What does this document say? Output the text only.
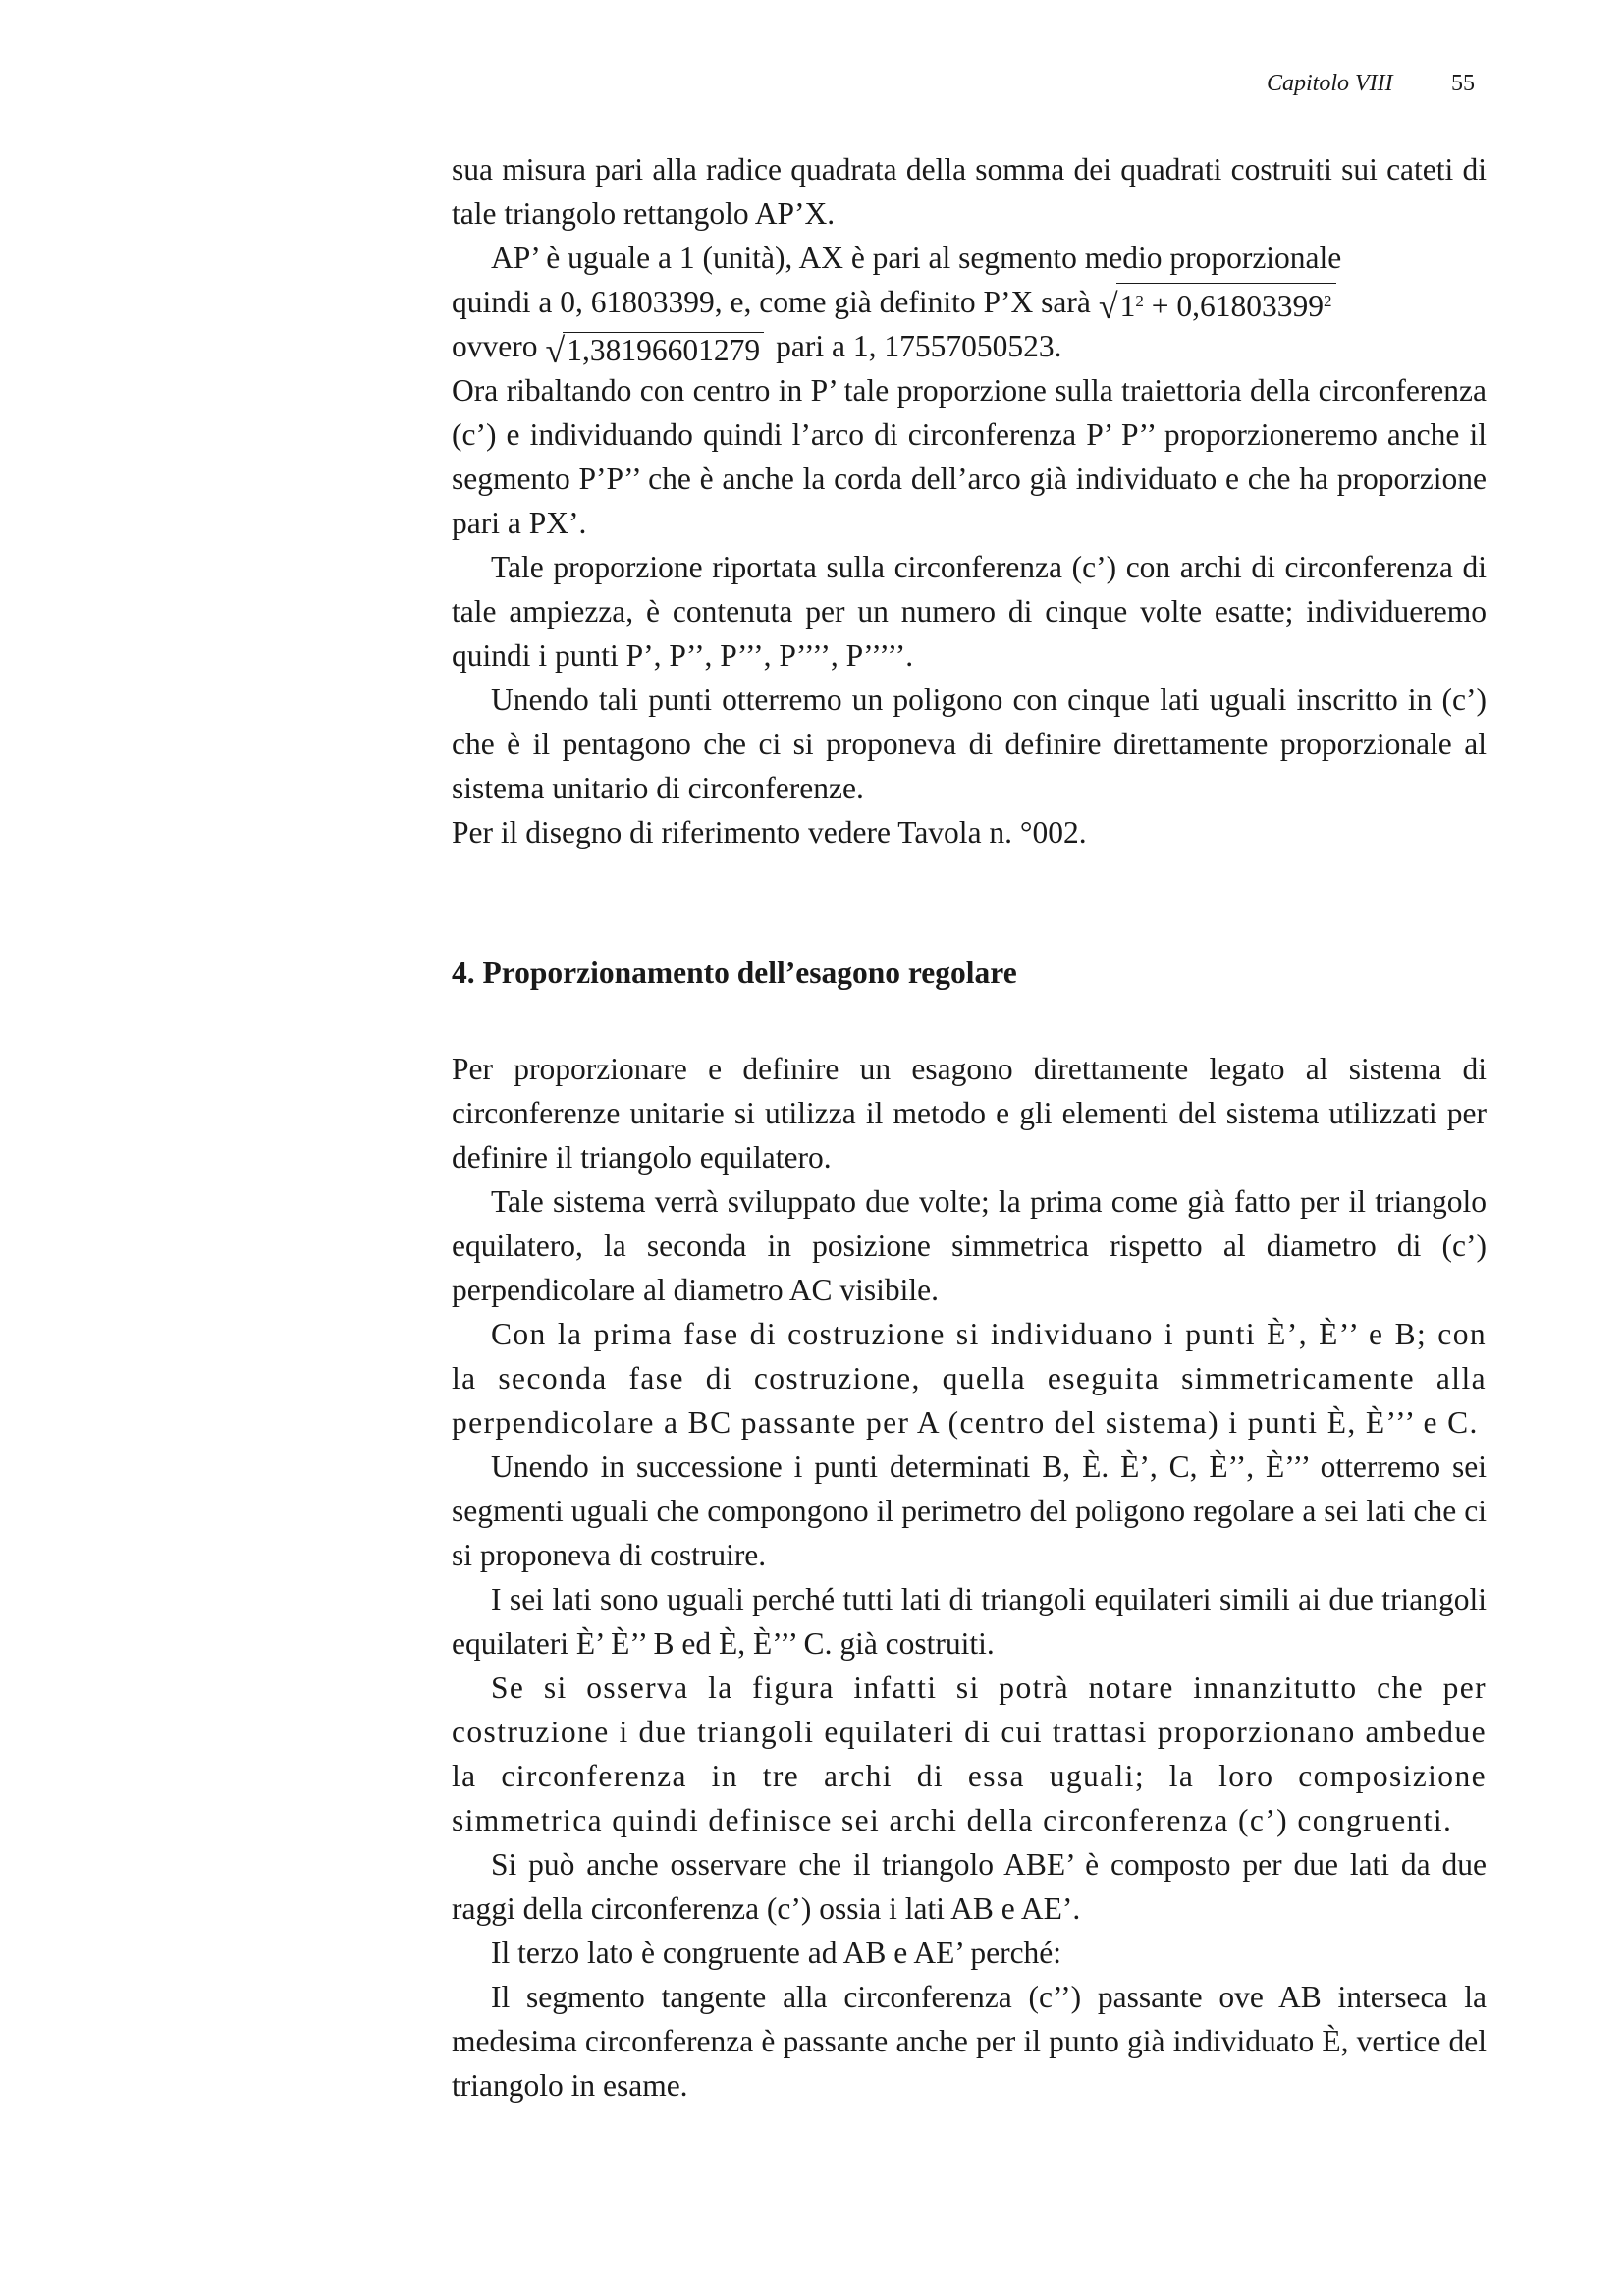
Capitolo VIII 55

sua misura pari alla radice quadrata della somma dei quadrati costruiti sui cateti di tale triangolo rettangolo AP’X.

AP’ è uguale a 1 (unità), AX è pari al segmento medio proporzionale

quindi a 0, 61803399, e, come già definito P’X sarà √ $1^2 + 0,61803399^2$
ovvero √ 1,38196601279 pari a 1, 17557050523.

Ora ribaltando con centro in P’ tale proporzione sulla traiettoria della circonferenza (c’) e individuando quindi l’arco di circonferenza P’ P’’ proporzioneremo anche il segmento P’P’’ che è anche la corda dell’arco già individuato e che ha proporzione pari a PX’.

Tale proporzione riportata sulla circonferenza (c’) con archi di circonferenza di tale ampiezza, è contenuta per un numero di cinque volte esatte; individueremo quindi i punti P’, P’’, P’’’, P’’’’, P’’’’’.

Unendo tali punti otterremo un poligono con cinque lati uguali inscritto in (c’) che è il pentagono che ci si proponeva di definire direttamente proporzionale al sistema unitario di circonferenze.

Per il disegno di riferimento vedere Tavola n. °002.

4. Proporzionamento dell’esagono regolare

Per proporzionare e definire un esagono direttamente legato al sistema di circonferenze unitarie si utilizza il metodo e gli elementi del sistema utilizzati per definire il triangolo equilatero.

Tale sistema verrà sviluppato due volte; la prima come già fatto per il triangolo equilatero, la seconda in posizione simmetrica rispetto al diametro di (c’) perpendicolare al diametro AC visibile.

Con la prima fase di costruzione si individuano i punti È’, È’’ e B; con la seconda fase di costruzione, quella eseguita simmetricamente alla perpendicolare a BC passante per A (centro del sistema) i punti È, È’’’ e C.

Unendo in successione i punti determinati B, È. È’, C, È’’, È’’’ otterremo sei segmenti uguali che compongono il perimetro del poligono regolare a sei lati che ci si proponeva di costruire.

I sei lati sono uguali perché tutti lati di triangoli equilateri simili ai due triangoli equilateri È’ È’’ B ed È, È’’’ C. già costruiti.

Se si osserva la figura infatti si potrà notare innanzitutto che per costruzione i due triangoli equilateri di cui trattasi proporzionano ambedue la circonferenza in tre archi di essa uguali; la loro composizione simmetrica quindi definisce sei archi della circonferenza (c’) congruenti.

Si può anche osservare che il triangolo ABE’ è composto per due lati da due raggi della circonferenza (c’) ossia i lati AB e AE’.

Il terzo lato è congruente ad AB e AE’ perché:

Il segmento tangente alla circonferenza (c’’) passante ove AB interseca la medesima circonferenza è passante anche per il punto già individuato È, vertice del triangolo in esame.
